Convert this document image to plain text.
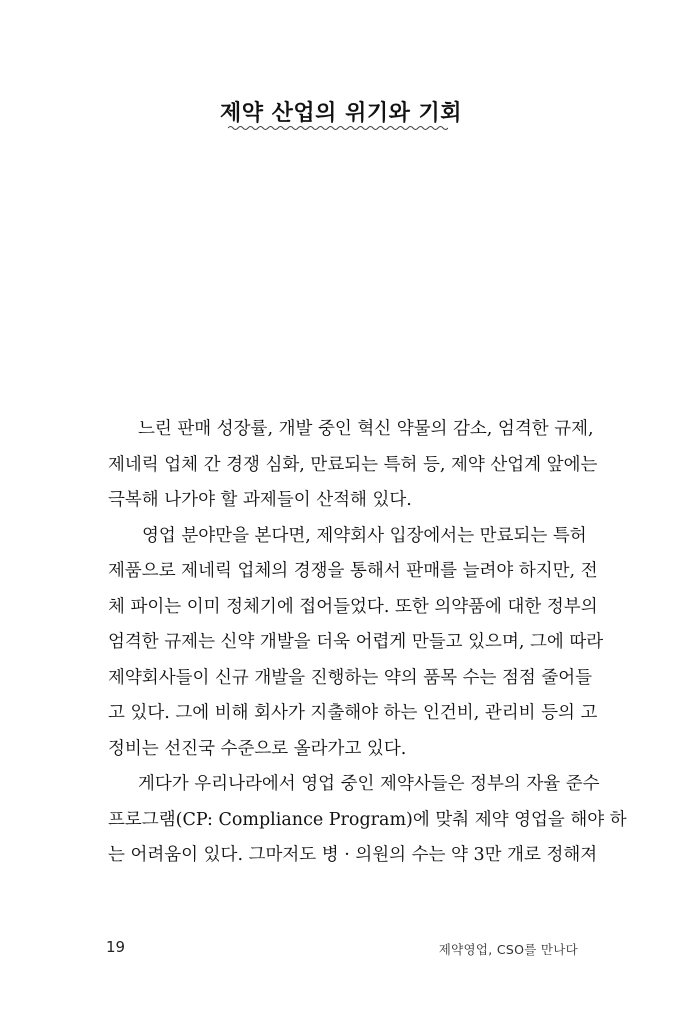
제약 산업의 위기와 기회

느린 판매 성장률, 개발 중인 혁신 약물의 감소, 엄격한 규제,
제네릭 업체 간 경쟁 심화, 만료되는 특허 등, 제약 산업계 앞에는
극복해 나가야 할 과제들이 산적해 있다.

영업 분야만을 본다면, 제약회사 입장에서는 만료되는 특허
제품으로 제네릭 업체의 경쟁을 통해서 판매를 늘려야 하지만, 전
체 파이는 이미 정체기에 접어들었다. 또한 의약품에 대한 정부의
엄격한 규제는 신약 개발을 더욱 어렵게 만들고 있으며, 그에 따라
제약회사들이 신규 개발을 진행하는 약의 품목 수는 점점 줄어들
고 있다. 그에 비해 회사가 지출해야 하는 인건비, 관리비 등의 고
정비는 선진국 수준으로 올라가고 있다.

게다가 우리나라에서 영업 중인 제약사들은 정부의 자율 준수
프로그램(CP: Compliance Program)에 맞춰 제약 영업을 해야 하
는 어려움이 있다. 그마저도 병 · 의원의 수는 약 3만 개로 정해져

19	제약영업, CSO를 만나다
